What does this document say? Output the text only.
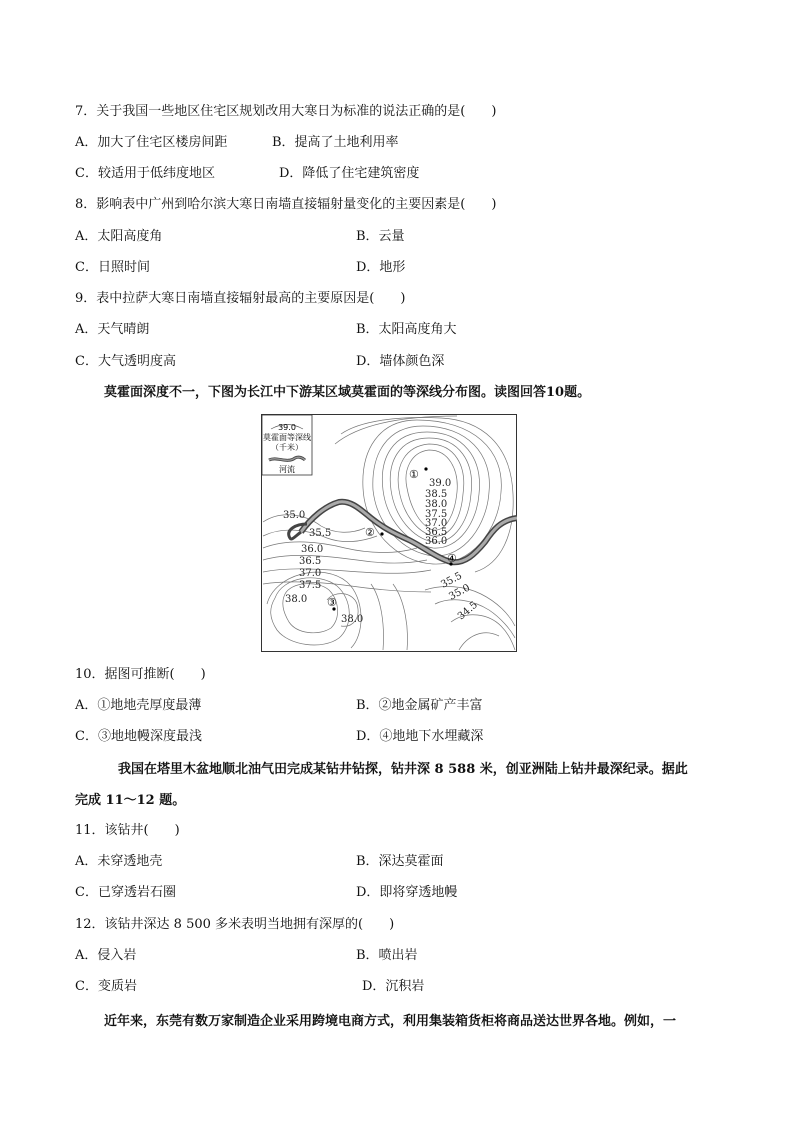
7．关于我国一些地区住宅区规划改用大寒日为标准的说法正确的是(　　)
A．加大了住宅区楼房间距	B．提高了土地利用率
C．较适用于低纬度地区	D．降低了住宅建筑密度
8．影响表中广州到哈尔滨大寒日南墙直接辐射量变化的主要因素是(　　)
A．太阳高度角	B．云量
C．日照时间	D．地形
9．表中拉萨大寒日南墙直接辐射最高的主要原因是(　　)
A．天气晴朗	B．太阳高度角大
C．大气透明度高	D．墙体颜色深
莫霍面深度不一，下图为长江中下游某区域莫霍面的等深线分布图。读图回答10题。
39.0
莫霍面等深线
（千米）
河流	①
②
③
④
39.0
38.5
38.0
37.5
37.0
36.5
36.0
35.0
35.5
36.0
36.5
37.0
37.5
38.0
38.0
35.5
35.0
34.5
10．据图可推断(　　)
A．①地地壳厚度最薄	B．②地金属矿产丰富
C．③地地幔深度最浅	D．④地地下水埋藏深
我国在塔里木盆地顺北油气田完成某钻井钻探，钻井深 8 588 米，创亚洲陆上钻井最深纪录。据此
完成 11～12 题。
11．该钻井(　　)
A．未穿透地壳	B．深达莫霍面
C．已穿透岩石圈	D．即将穿透地幔
12．该钻井深达 8 500 多米表明当地拥有深厚的(　　)
A．侵入岩	B．喷出岩
C．变质岩	D．沉积岩
近年来，东莞有数万家制造企业采用跨境电商方式，利用集装箱货柜将商品送达世界各地。例如，一
